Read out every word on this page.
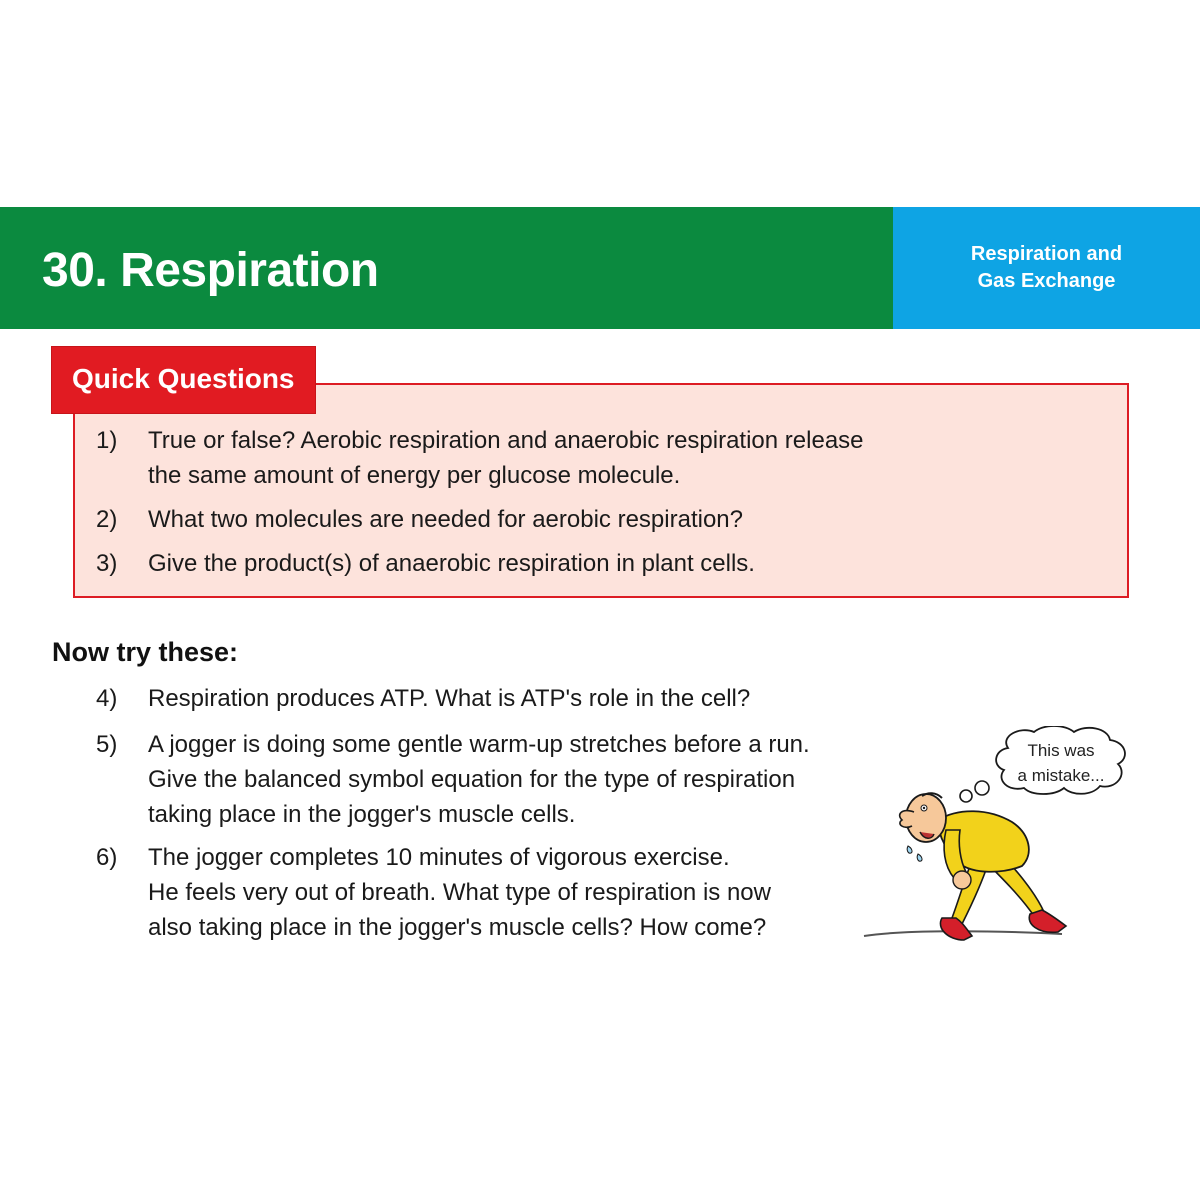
30. Respiration	Respiration and
Gas Exchange
Quick Questions
1) True or false? Aerobic respiration and anaerobic respiration release
the same amount of energy per glucose molecule.
2) What two molecules are needed for aerobic respiration?
3) Give the product(s) of anaerobic respiration in plant cells.
Now try these:
4) Respiration produces ATP. What is ATP's role in the cell?
5) A jogger is doing some gentle warm-up stretches before a run.
Give the balanced symbol equation for the type of respiration
taking place in the jogger's muscle cells.
6) The jogger completes 10 minutes of vigorous exercise.
He feels very out of breath. What type of respiration is now
also taking place in the jogger's muscle cells? How come?
This was
a mistake...
